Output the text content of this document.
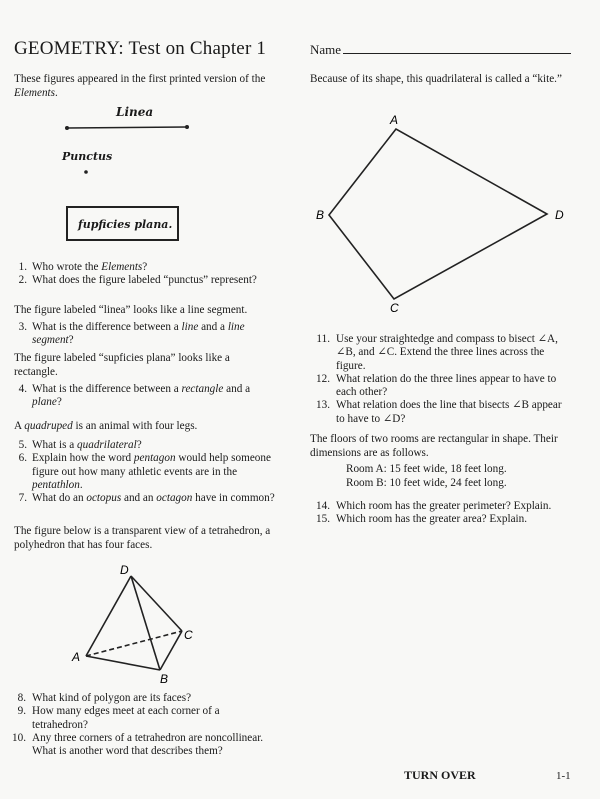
GEOMETRY: Test on Chapter 1	Name
These figures appeared in the first printed version of the Elements.
Linea
Punctus
fupficies plana.
1. Who wrote the Elements?
2. What does the figure labeled “punctus” represent?
The figure labeled “linea” looks like a line segment.
3. What is the difference between a line and a line segment?
The figure labeled “supficies plana” looks like a rectangle.
4. What is the difference between a rectangle and a plane?
A quadruped is an animal with four legs.
5. What is a quadrilateral?
6. Explain how the word pentagon would help someone figure out how many athletic events are in the pentathlon.
7. What do an octopus and an octagon have in common?
The figure below is a transparent view of a tetrahedron, a polyhedron that has four faces.
D
A
C
B
8. What kind of polygon are its faces?
9. How many edges meet at each corner of a tetrahedron?
10. Any three corners of a tetrahedron are noncollinear. What is another word that describes them?
Because of its shape, this quadrilateral is called a “kite.”
A
B
C
D
11. Use your straightedge and compass to bisect ∠A, ∠B, and ∠C. Extend the three lines across the figure.
12. What relation do the three lines appear to have to each other?
13. What relation does the line that bisects ∠B appear to have to ∠D?
The floors of two rooms are rectangular in shape. Their dimensions are as follows.
Room A: 15 feet wide, 18 feet long.
Room B: 10 feet wide, 24 feet long.
14. Which room has the greater perimeter? Explain.
15. Which room has the greater area? Explain.
TURN OVER	1-1
